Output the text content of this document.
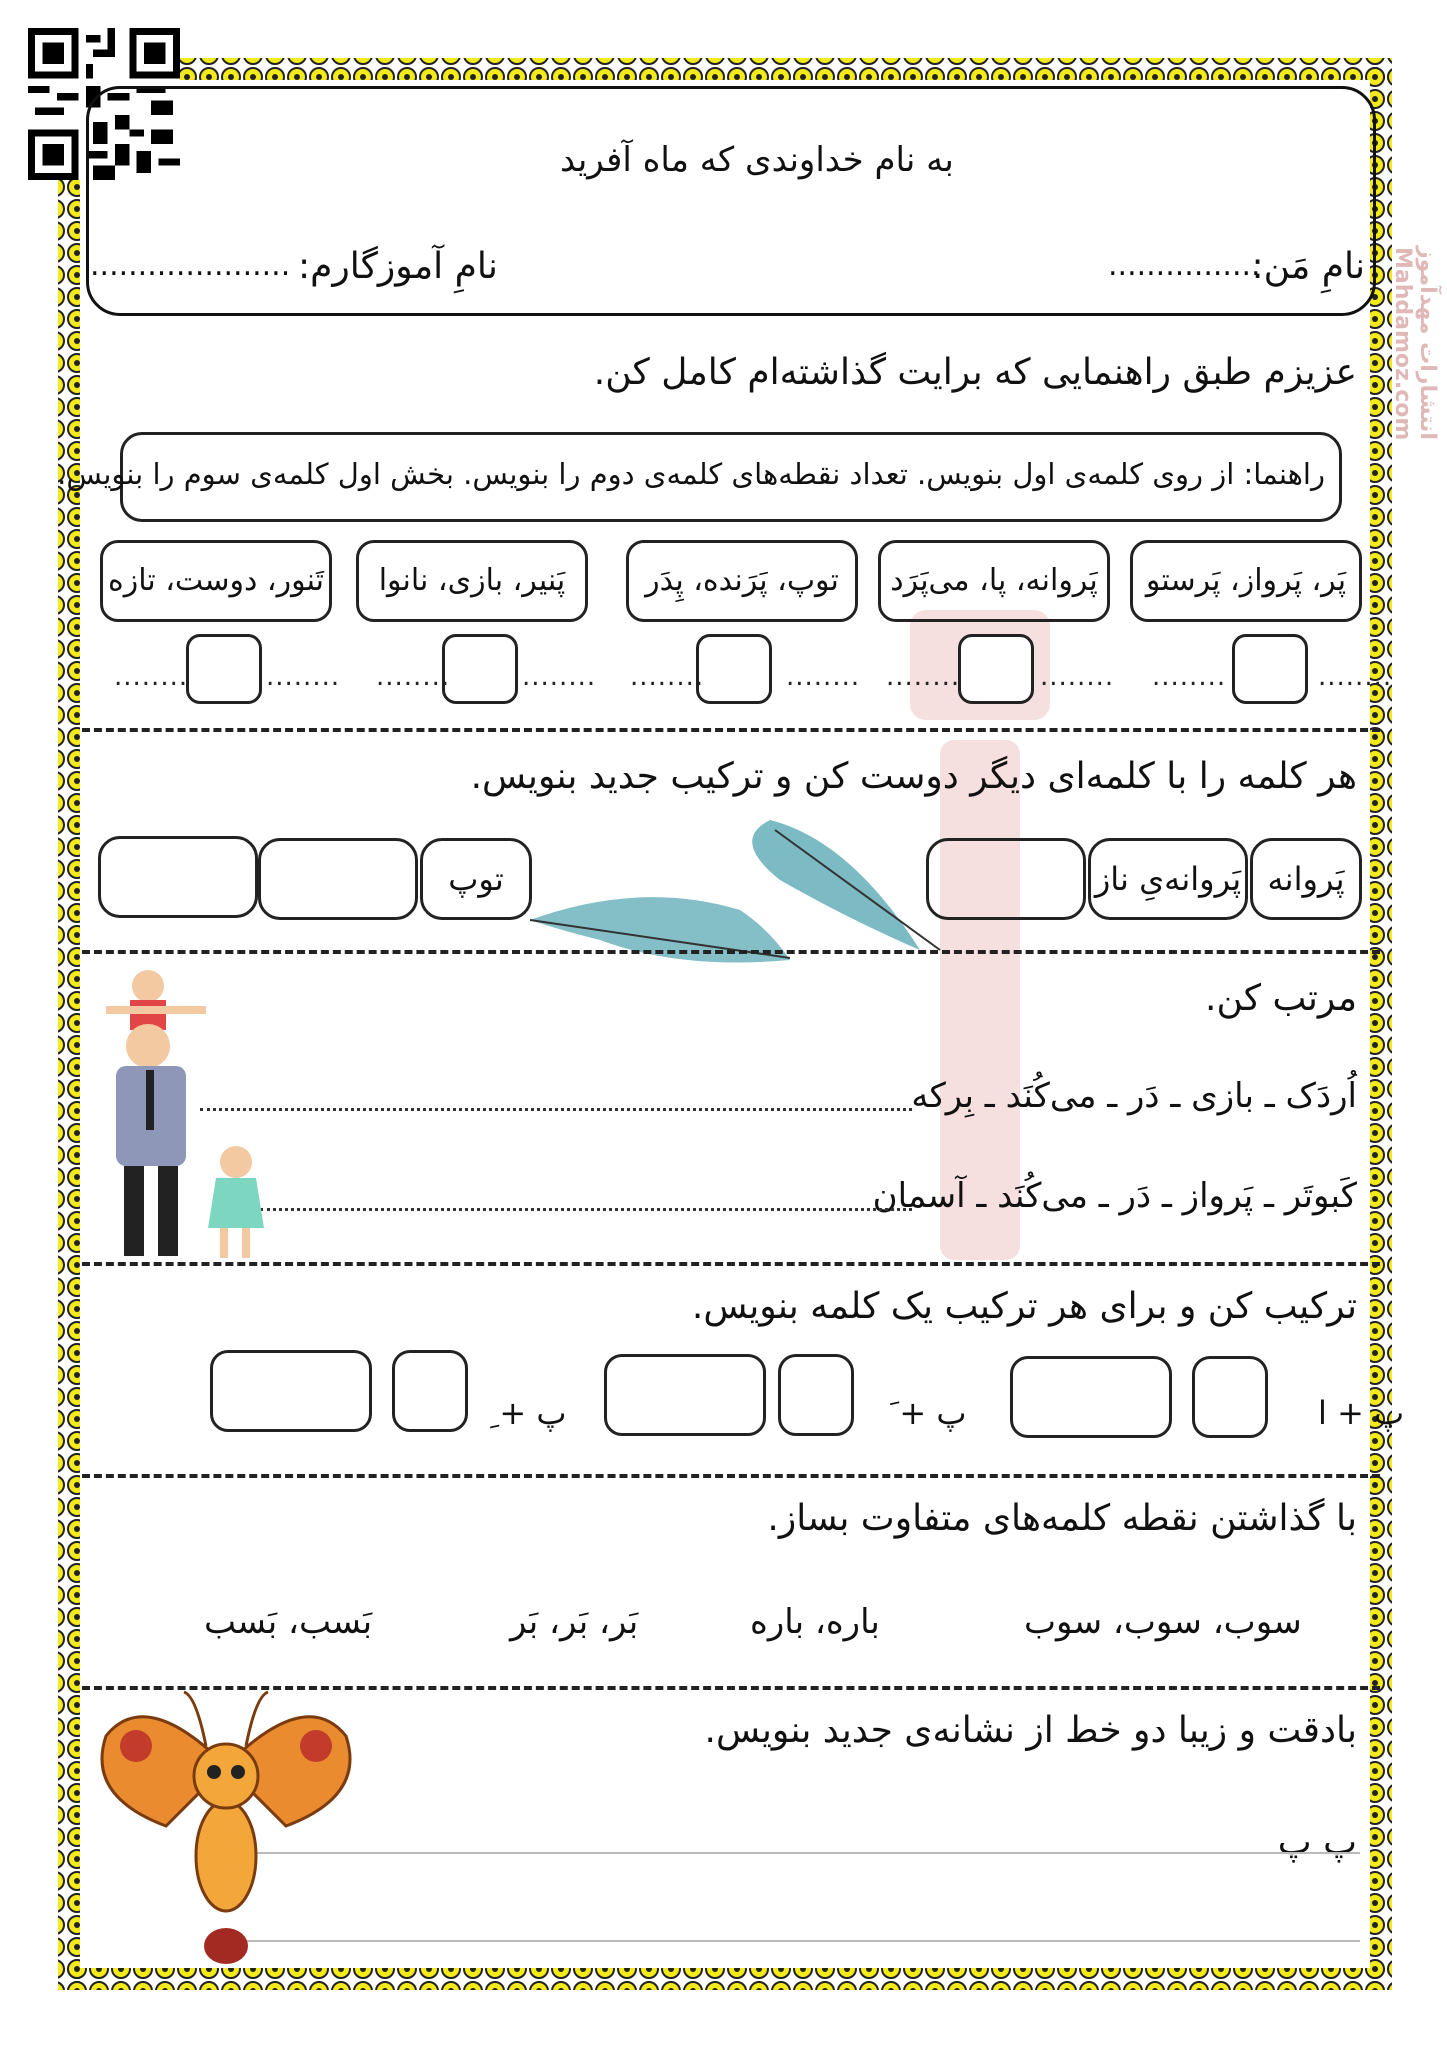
انتشارات مهدآموز Mahdamoz.com
به نام خداوندی که ماه آفرید
نامِ مَن:
................
نامِ آموزگارم:
.....................
عزیزم طبق راهنمایی که برایت گذاشته‌ام کامل کن.
راهنما: از روی کلمه‌ی اول بنویس. تعداد نقطه‌های کلمه‌ی دوم را بنویس. بخش اول کلمه‌ی سوم را بنویس.
پَر، پَرواز، پَرستو
پَروانه، پا، می‌پَرَد
توپ، پَرَنده، پِدَر
پَنیر، بازی، نانوا
تَنور، دوست، تازه
........
........
........
........
........
........
........
........
........
........
هر کلمه را با کلمه‌ای دیگر دوست کن و ترکیب جدید بنویس.
پَروانه
پَروانه‌یِ ناز
توپ
مرتب کن.
اُردَک ـ بازی ـ دَر ـ می‌کُنَد ـ بِرکه
کَبوتَر ـ پَرواز ـ دَر ـ می‌کُنَد ـ آسمان
ترکیب کن و برای هر ترکیب یک کلمه بنویس.
پ + ا
پ + َ
پ + ِ
با گذاشتن نقطه کلمه‌های متفاوت بساز.
سوب، سوب، سوب
باره، باره
بَر، بَر، بَر
بَسب، بَسب
بادقت و زیبا دو خط از نشانه‌ی جدید بنویس.
پ پ
